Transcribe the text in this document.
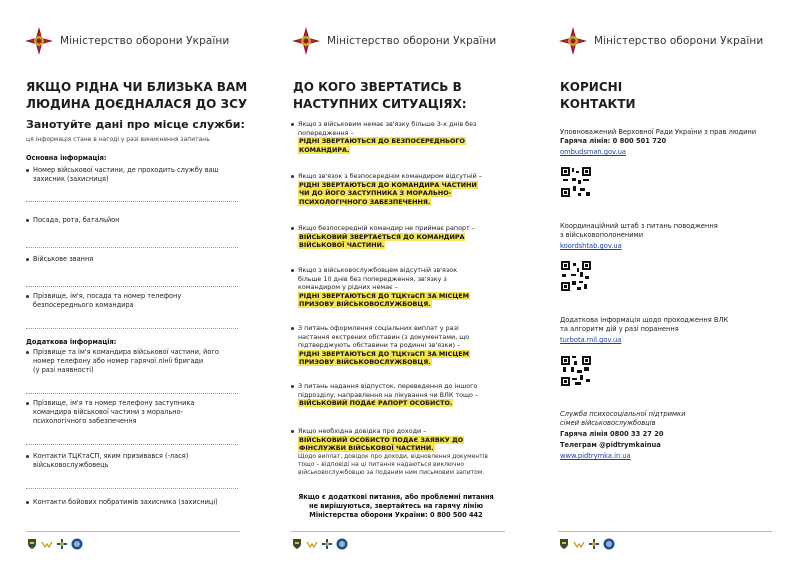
Міністерство оборони України
ЯКЩО РІДНА ЧИ БЛИЗЬКА ВАМ
ЛЮДИНА ДОЄДНАЛАСЯ ДО ЗСУ
Занотуйте дані про місце служби:
ця інформація стане в нагоді у разі виникнення запитань
Основна інформація:
Номер військової частини, де проходить службу ваш
захисник (захисниця)
Посада, рота, батальйон
Військове звання
Прізвище, ім'я, посада та номер телефону
безпосереднього командира
Додаткова інформація:
Прізвище та ім'я командира військової частини, його
номер телефону або номер гарячої лінії бригади
(у разі наявності)
Прізвище, ім'я та номер телефону заступника
командира військової частини з морально-
психологічного забезпечення
Контакти ТЦКтаСП, яким призивався (-лася)
військовослужбовець
Контакти бойових побратимів захисника (захисниці)
Міністерство оборони України
ДО КОГО ЗВЕРТАТИСЬ В
НАСТУПНИХ СИТУАЦІЯХ:
Якщо з військовим немає зв'язку більше 3-х днів без
попередження –
РІДНІ ЗВЕРТАЮТЬСЯ ДО БЕЗПОСЕРЕДНЬОГО
КОМАНДИРА.
Якщо зв'язок з безпосереднім командиром відсутній –
РІДНІ ЗВЕРТАЮТЬСЯ ДО КОМАНДИРА ЧАСТИНИ
ЧИ ДО ЙОГО ЗАСТУПНИКА З МОРАЛЬНО-
ПСИХОЛОГІЧНОГО ЗАБЕЗПЕЧЕННЯ.
Якщо безпосередній командир не приймає рапорт –
ВІЙСЬКОВИЙ ЗВЕРТАЄТЬСЯ ДО КОМАНДИРА
ВІЙСЬКОВОЇ ЧАСТИНИ.
Якщо з військовослужбовцем відсутній зв'язок
більше 10 днів без попередження, зв'язку з
командиром у рідних немає –
РІДНІ ЗВЕРТАЮТЬСЯ ДО ТЦКтаСП ЗА МІСЦЕМ
ПРИЗОВУ ВІЙСЬКОВОСЛУЖБОВЦЯ.
З питань оформлення соціальних виплат у разі
настання екстрених обставин (з документами, що
підтверджують обставини та родинні зв'язки) –
РІДНІ ЗВЕРТАЮТЬСЯ ДО ТЦКтаСП ЗА МІСЦЕМ
ПРИЗОВУ ВІЙСЬКОВОСЛУЖБОВЦЯ.
З питань надання відпусток, переведення до іншого
підрозділу, направлення на лікування чи ВЛК тощо –
ВІЙСЬКОВИЙ ПОДАЄ РАПОРТ ОСОБИСТО.
Якщо необхідна довідка про доходи –
ВІЙСЬКОВИЙ ОСОБИСТО ПОДАЄ ЗАЯВКУ ДО
ФІНСЛУЖБИ ВІЙСЬКОВОЇ ЧАСТИНИ.
Щодо виплат, довідок про доходи, відновлення документів
тощо – відповіді на ці питання надаються виключно
військовослужбовцю за поданим ним письмовим запитом.
Якщо є додаткові питання, або проблемні питання
не вирішуються, звертайтесь на гарячу лінію
Міністерства оборони України: 0 800 500 442
Міністерство оборони України
КОРИСНІ
КОНТАКТИ
Уповноважений Верховної Ради України з прав людини
Гаряча лінія: 0 800 501 720
ombudsman.gov.ua
Координаційний штаб з питань поводження
з військовополоненими
koordshtab.gov.ua
Додаткова інформація щодо проходження ВЛК
та алгоритм дій у разі поранення
turbota.mil.gov.ua
Служба психосоціальної підтримки
сімей військовослужбовців
Гаряча лінія 0800 33 27 20
Телеграм @pidtrymkainua
www.pidtrymka.in.ua
